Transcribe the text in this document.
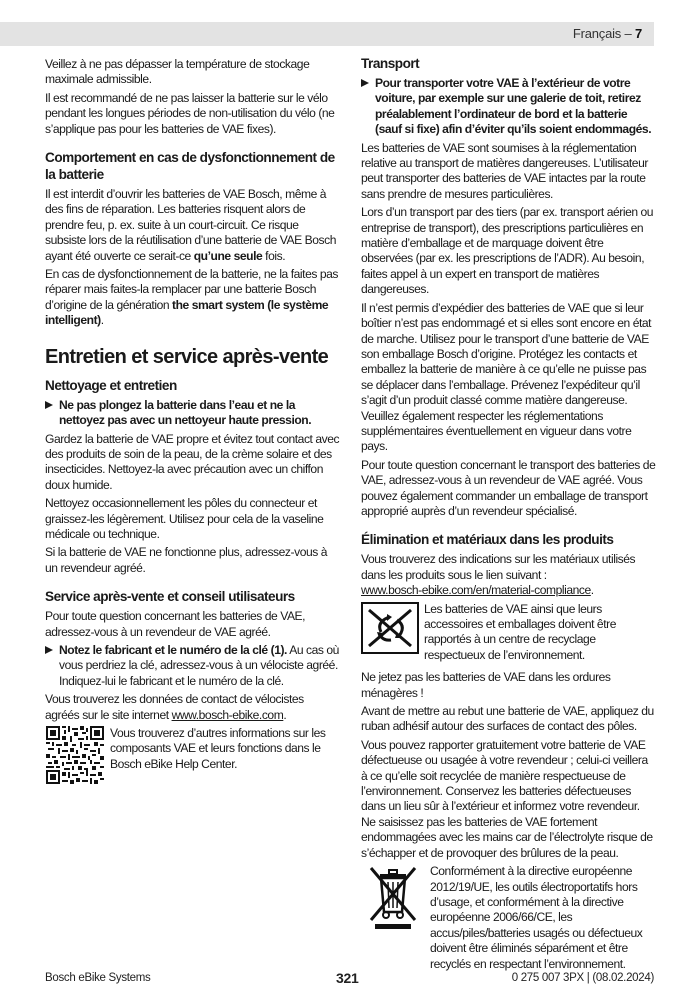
Français – 7

Veillez à ne pas dépasser la température de stockage maximale admissible.

Il est recommandé de ne pas laisser la batterie sur le vélo pendant les longues périodes de non-utilisation du vélo (ne s’applique pas pour les batteries de VAE fixes).

Comportement en cas de dysfonctionnement de la batterie

Il est interdit d’ouvrir les batteries de VAE Bosch, même à des fins de réparation. Les batteries risquent alors de prendre feu, p. ex. suite à un court-circuit. Ce risque subsiste lors de la réutilisation d’une batterie de VAE Bosch ayant été ouverte ce serait-ce qu’une seule fois.

En cas de dysfonctionnement de la batterie, ne la faites pas réparer mais faites-la remplacer par une batterie Bosch d’origine de la génération the smart system (le système intelligent).

Entretien et service après-vente
Nettoyage et entretien

Ne pas plongez la batterie dans l’eau et ne la nettoyez pas avec un nettoyeur haute pression.

Gardez la batterie de VAE propre et évitez tout contact avec des produits de soin de la peau, de la crème solaire et des insecticides. Nettoyez-la avec précaution avec un chiffon doux humide.

Nettoyez occasionnellement les pôles du connecteur et graissez-les légèrement. Utilisez pour cela de la vaseline médicale ou technique.

Si la batterie de VAE ne fonctionne plus, adressez-vous à un revendeur agréé.

Service après-vente et conseil utilisateurs

Pour toute question concernant les batteries de VAE, adressez-vous à un revendeur de VAE agréé.

Notez le fabricant et le numéro de la clé (1). Au cas où vous perdriez la clé, adressez-vous à un vélociste agréé. Indiquez-lui le fabricant et le numéro de la clé.

Vous trouverez les données de contact de vélocistes agréés sur le site internet www.bosch-ebike.com.

Vous trouverez d’autres informations sur les composants VAE et leurs fonctions dans le Bosch eBike Help Center.

Transport

Pour transporter votre VAE à l’extérieur de votre voiture, par exemple sur une galerie de toit, retirez préalablement l’ordinateur de bord et la batterie (sauf si fixe) afin d’éviter qu’ils soient endommagés.

Les batteries de VAE sont soumises à la réglementation relative au transport de matières dangereuses. L’utilisateur peut transporter des batteries de VAE intactes par la route sans prendre de mesures particulières.

Lors d’un transport par des tiers (par ex. transport aérien ou entreprise de transport), des prescriptions particulières en matière d’emballage et de marquage doivent être observées (par ex. les prescriptions de l’ADR). Au besoin, faites appel à un expert en transport de matières dangereuses.

Il n’est permis d’expédier des batteries de VAE que si leur boîtier n’est pas endommagé et si elles sont encore en état de marche. Utilisez pour le transport d’une batterie de VAE son emballage Bosch d’origine. Protégez les contacts et emballez la batterie de manière à ce qu’elle ne puisse pas se déplacer dans l’emballage. Prévenez l’expéditeur qu’il s’agit d’un produit classé comme matière dangereuse. Veuillez également respecter les réglementations supplémentaires éventuellement en vigueur dans votre pays.

Pour toute question concernant le transport des batteries de VAE, adressez-vous à un revendeur de VAE agréé. Vous pouvez également commander un emballage de transport approprié auprès d’un revendeur spécialisé.

Élimination et matériaux dans les produits

Vous trouverez des indications sur les matériaux utilisés dans les produits sous le lien suivant :
www.bosch-ebike.com/en/material-compliance.

Les batteries de VAE ainsi que leurs accessoires et emballages doivent être rapportés à un centre de recyclage respectueux de l’environnement.

Ne jetez pas les batteries de VAE dans les ordures ménagères !

Avant de mettre au rebut une batterie de VAE, appliquez du ruban adhésif autour des surfaces de contact des pôles.

Vous pouvez rapporter gratuitement votre batterie de VAE défectueuse ou usagée à votre revendeur ; celui-ci veillera à ce qu’elle soit recyclée de manière respectueuse de l’environnement. Conservez les batteries défectueuses dans un lieu sûr à l’extérieur et informez votre revendeur. Ne saisissez pas les batteries de VAE fortement endommagées avec les mains car de l’électrolyte risque de s’échapper et de provoquer des brûlures de la peau.

Conformément à la directive européenne 2012/19/UE, les outils électroportatifs hors d’usage, et conformément à la directive européenne 2006/66/CE, les accus/piles/batteries usagés ou défectueux doivent être éliminés séparément et être recyclés en respectant l’environnement.

Bosch eBike Systems	321	0 275 007 3PX | (08.02.2024)
